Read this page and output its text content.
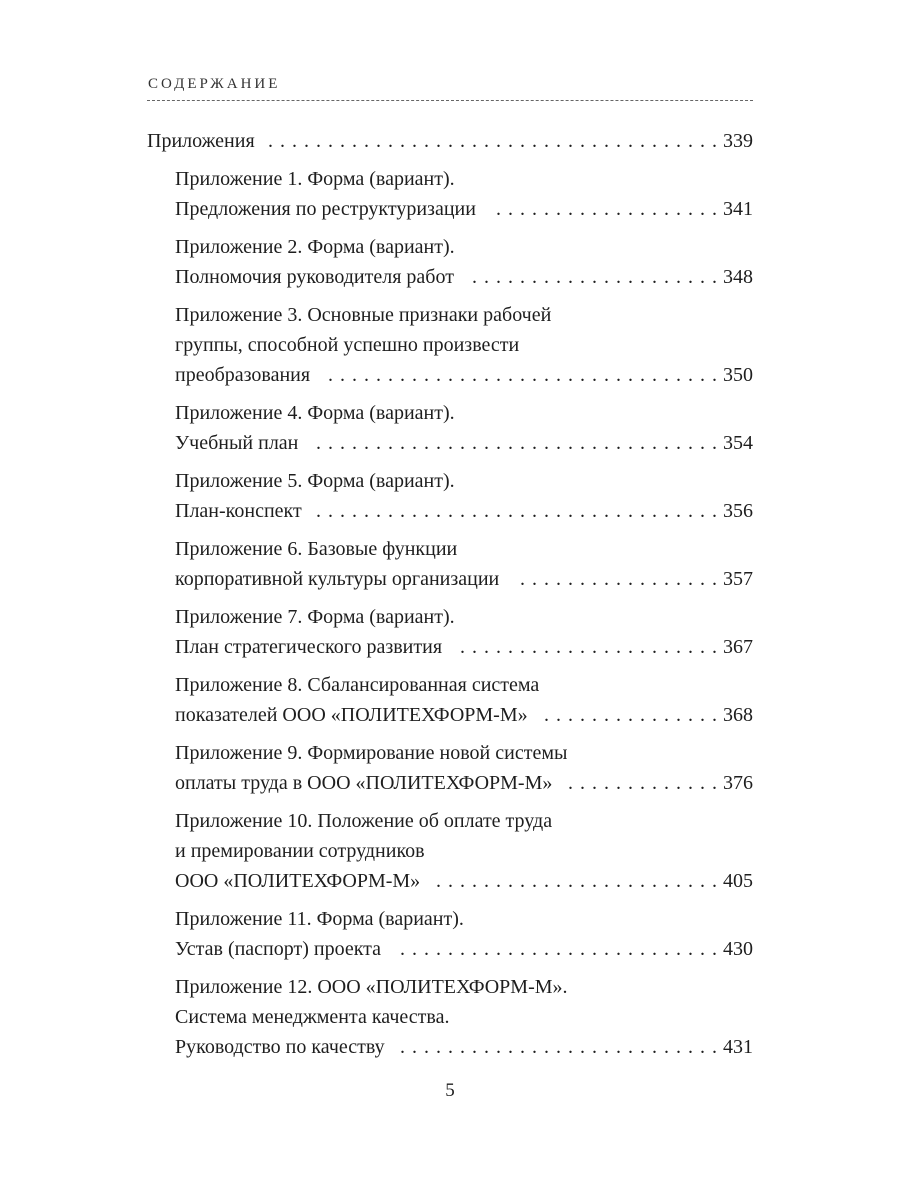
СОДЕРЖАНИЕ
Приложения . . .	339
Приложение 1. Форма (вариант).
Предложения по реструктуризации . . .	341
Приложение 2. Форма (вариант).
Полномочия руководителя работ . . .	348
Приложение 3. Основные признаки рабочей
группы, способной успешно произвести
преобразования . . .	350
Приложение 4. Форма (вариант).
Учебный план . . .	354
Приложение 5. Форма (вариант).
План-конспект . . .	356
Приложение 6. Базовые функции
корпоративной культуры организации . . .	357
Приложение 7. Форма (вариант).
План стратегического развития . . .	367
Приложение 8. Сбалансированная система
показателей ООО «ПОЛИТЕХФОРМ-М» . . .	368
Приложение 9. Формирование новой системы
оплаты труда в ООО «ПОЛИТЕХФОРМ-М» . . .	376
Приложение 10. Положение об оплате труда
и премировании сотрудников
ООО «ПОЛИТЕХФОРМ-М» . . .	405
Приложение 11. Форма (вариант).
Устав (паспорт) проекта . . .	430
Приложение 12. ООО «ПОЛИТЕХФОРМ-М».
Система менеджмента качества.
Руководство по качеству . . .	431
5
